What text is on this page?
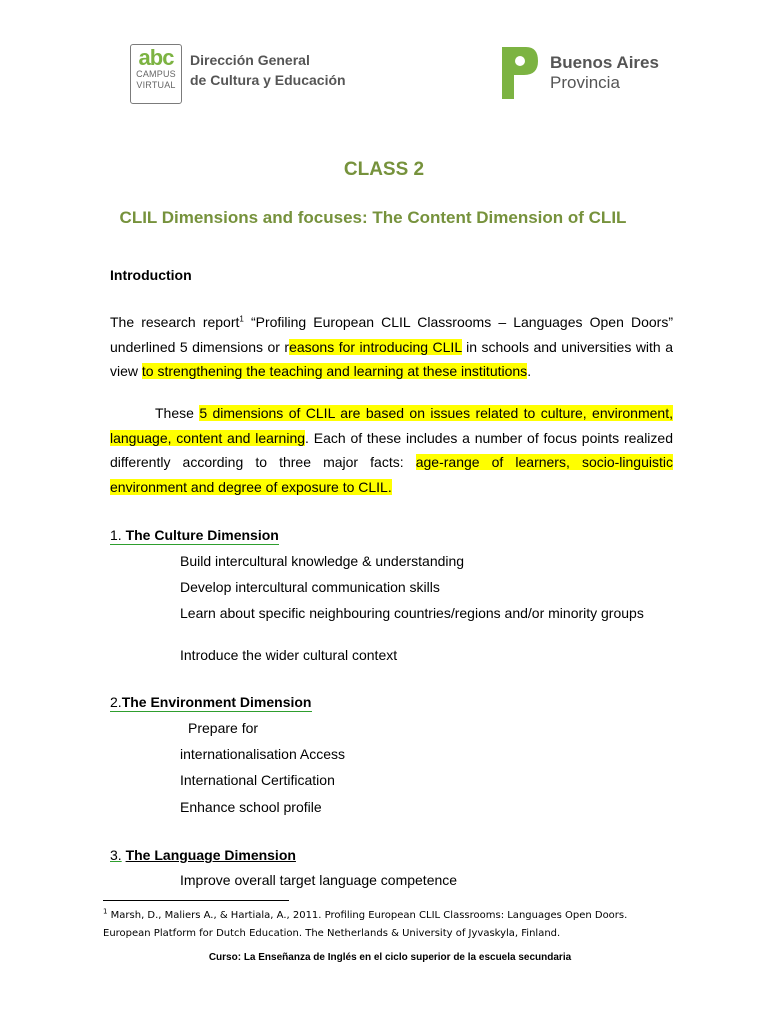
abc
CAMPUS
VIRTUAL
Dirección General
de Cultura y Educación
Buenos Aires
Provincia
CLASS 2
CLIL Dimensions and focuses: The Content Dimension of CLIL
Introduction
The research report$^1$ “Profiling European CLIL Classrooms – Languages Open Doors” underlined 5 dimensions or reasons for introducing CLIL in schools and universities with a view to strengthening the teaching and learning at these institutions.
These 5 dimensions of CLIL are based on issues related to culture, environment, language, content and learning. Each of these includes a number of focus points realized differently according to three major facts: age-range of learners, socio-linguistic environment and degree of exposure to CLIL.
1. The Culture Dimension
Build intercultural knowledge & understanding
Develop intercultural communication skills
Learn about specific neighbouring countries/regions and/or minority groups
Introduce the wider cultural context
2.The Environment Dimension
Prepare for
internationalisation Access
International Certification
Enhance school profile
3. The Language Dimension
Improve overall target language competence
$^1$ Marsh, D., Maliers A., & Hartiala, A., 2011. Profiling European CLIL Classrooms: Languages Open Doors.
European Platform for Dutch Education. The Netherlands & University of Jyvaskyla, Finland.
Curso: La Enseñanza de Inglés en el ciclo superior de la escuela secundaria
